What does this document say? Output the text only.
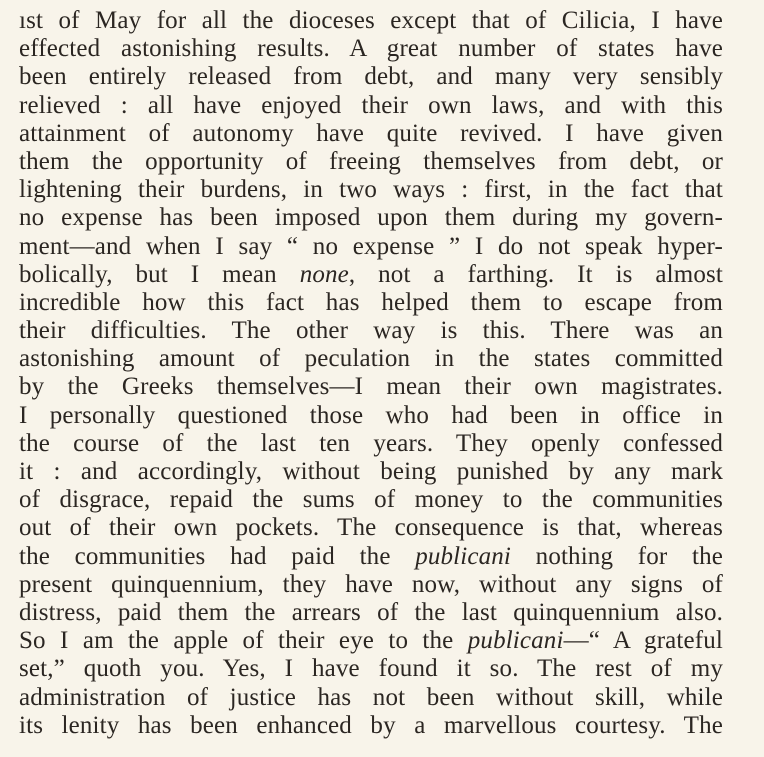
ıst of May for all the dioceses except that of Cilicia, I have
effected astonishing results. A great number of states have
been entirely released from debt, and many very sensibly
relieved : all have enjoyed their own laws, and with this
attainment of autonomy have quite revived. I have given
them the opportunity of freeing themselves from debt, or
lightening their burdens, in two ways : first, in the fact that
no expense has been imposed upon them during my govern-
ment—and when I say “ no expense ” I do not speak hyper-
bolically, but I mean none, not a farthing. It is almost
incredible how this fact has helped them to escape from
their difficulties. The other way is this. There was an
astonishing amount of peculation in the states committed
by the Greeks themselves—I mean their own magistrates.
I personally questioned those who had been in office in
the course of the last ten years. They openly confessed
it : and accordingly, without being punished by any mark
of disgrace, repaid the sums of money to the communities
out of their own pockets. The consequence is that, whereas
the communities had paid the publicani nothing for the
present quinquennium, they have now, without any signs of
distress, paid them the arrears of the last quinquennium also.
So I am the apple of their eye to the publicani—“ A grateful
set,” quoth you. Yes, I have found it so. The rest of my
administration of justice has not been without skill, while
its lenity has been enhanced by a marvellous courtesy. The
